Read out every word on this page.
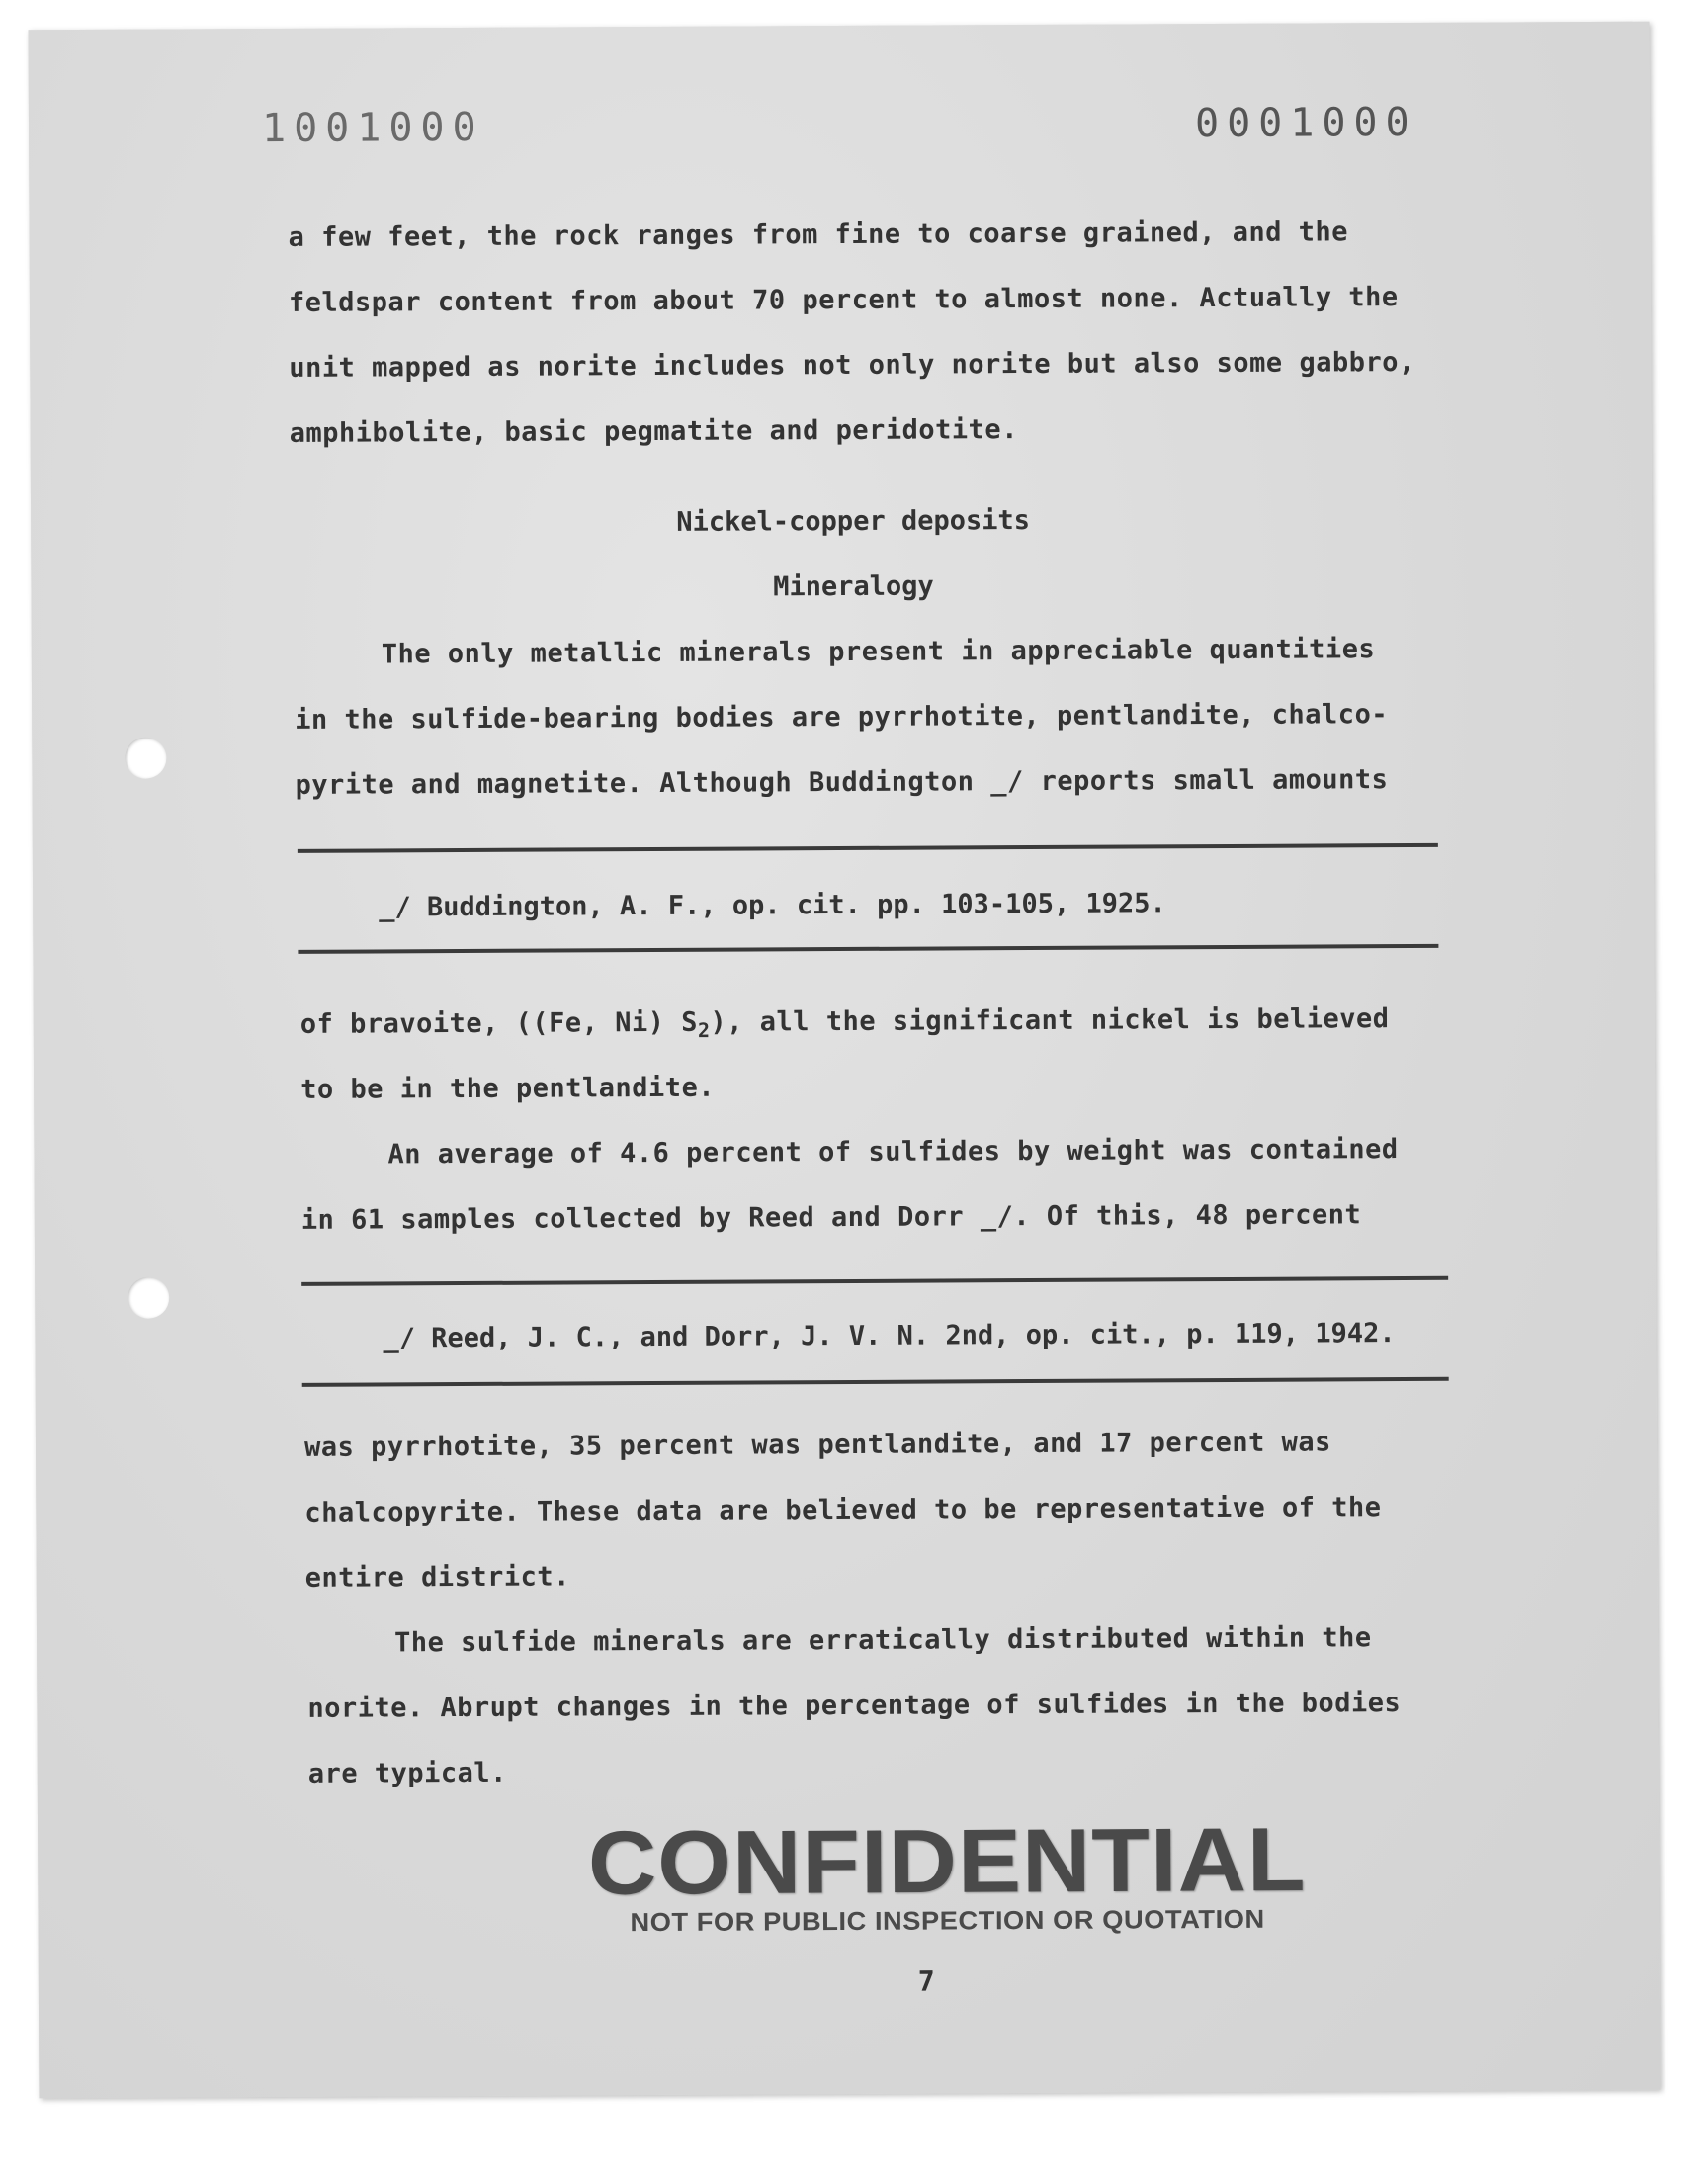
1001000	0001000
a few feet, the rock ranges from fine to coarse grained, and the
feldspar content from about 70 percent to almost none. Actually the
unit mapped as norite includes not only norite but also some gabbro,
amphibolite, basic pegmatite and peridotite.
Nickel-copper deposits
Mineralogy
The only metallic minerals present in appreciable quantities
in the sulfide-bearing bodies are pyrrhotite, pentlandite, chalco-
pyrite and magnetite. Although Buddington _/ reports small amounts
_/ Buddington, A. F., op. cit. pp. 103-105, 1925.
of bravoite, ((Fe, Ni) $S_2$), all the significant nickel is believed
to be in the pentlandite.
An average of 4.6 percent of sulfides by weight was contained
in 61 samples collected by Reed and Dorr _/. Of this, 48 percent
_/ Reed, J. C., and Dorr, J. V. N. 2nd, op. cit., p. 119, 1942.
was pyrrhotite, 35 percent was pentlandite, and 17 percent was
chalcopyrite. These data are believed to be representative of the
entire district.
The sulfide minerals are erratically distributed within the
norite. Abrupt changes in the percentage of sulfides in the bodies
are typical.
CONFIDENTIAL
NOT FOR PUBLIC INSPECTION OR QUOTATION
7
